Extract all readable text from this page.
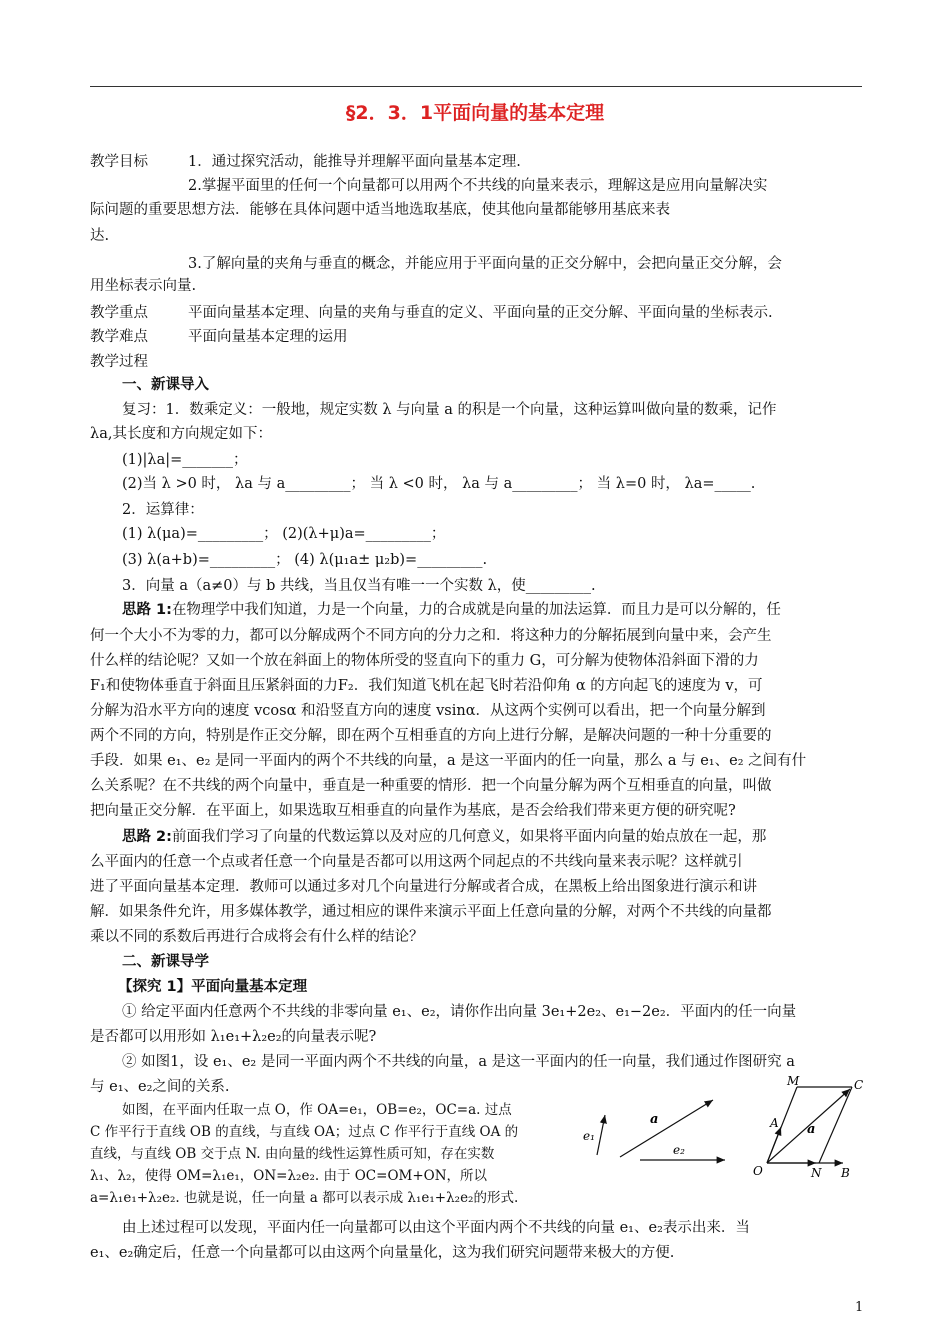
§2．3．1平面向量的基本定理
教学目标	1．通过探究活动，能推导并理解平面向量基本定理.
2.掌握平面里的任何一个向量都可以用两个不共线的向量来表示，理解这是应用向量解决实
际问题的重要思想方法．能够在具体问题中适当地选取基底，使其他向量都能够用基底来表
达.
3.了解向量的夹角与垂直的概念，并能应用于平面向量的正交分解中，会把向量正交分解，会
用坐标表示向量.
教学重点	平面向量基本定理、向量的夹角与垂直的定义、平面向量的正交分解、平面向量的坐标表示.
教学难点	平面向量基本定理的运用
教学过程
一、新课导入
复习：1．数乘定义：一般地，规定实数 λ 与向量 a 的积是一个向量，这种运算叫做向量的数乘，记作
λa,其长度和方向规定如下：
(1)|λa|=_______；
(2)当 λ >0 时， λa 与 a_________； 当 λ <0 时， λa 与 a_________； 当 λ=0 时， λa=_____.
2．运算律：
(1) λ(μa)=_________； (2)(λ+μ)a=_________；
(3) λ(a+b)=_________； (4) λ(μ₁a± μ₂b)=_________.
3．向量 a（a≠0）与 b 共线，当且仅当有唯一一个实数 λ，使_________.
思路 1:在物理学中我们知道，力是一个向量，力的合成就是向量的加法运算．而且力是可以分解的，任
何一个大小不为零的力，都可以分解成两个不同方向的分力之和．将这种力的分解拓展到向量中来，会产生
什么样的结论呢？又如一个放在斜面上的物体所受的竖直向下的重力 G，可分解为使物体沿斜面下滑的力
F₁和使物体垂直于斜面且压紧斜面的力F₂．我们知道飞机在起飞时若沿仰角 α 的方向起飞的速度为 v，可
分解为沿水平方向的速度 vcosα 和沿竖直方向的速度 vsinα．从这两个实例可以看出，把一个向量分解到
两个不同的方向，特别是作正交分解，即在两个互相垂直的方向上进行分解，是解决问题的一种十分重要的
手段．如果 e₁、e₂ 是同一平面内的两个不共线的向量，a 是这一平面内的任一向量，那么 a 与 e₁、e₂ 之间有什
么关系呢？在不共线的两个向量中，垂直是一种重要的情形．把一个向量分解为两个互相垂直的向量，叫做
把向量正交分解．在平面上，如果选取互相垂直的向量作为基底，是否会给我们带来更方便的研究呢?
思路 2:前面我们学习了向量的代数运算以及对应的几何意义，如果将平面内向量的始点放在一起，那
么平面内的任意一个点或者任意一个向量是否都可以用这两个同起点的不共线向量来表示呢？这样就引
进了平面向量基本定理．教师可以通过多对几个向量进行分解或者合成，在黑板上给出图象进行演示和讲
解．如果条件允许，用多媒体教学，通过相应的课件来演示平面上任意向量的分解，对两个不共线的向量都
乘以不同的系数后再进行合成将会有什么样的结论？
二、新课导学
【探究 1】平面向量基本定理
① 给定平面内任意两个不共线的非零向量 e₁、e₂，请你作出向量 3e₁+2e₂、e₁−2e₂．平面内的任一向量
是否都可以用形如 λ₁e₁+λ₂e₂的向量表示呢?
② 如图1，设 e₁、e₂ 是同一平面内两个不共线的向量，a 是这一平面内的任一向量，我们通过作图研究 a
与 e₁、e₂之间的关系.
如图，在平面内任取一点 O，作 OA=e₁，OB=e₂，OC=a. 过点
C 作平行于直线 OB 的直线，与直线 OA；过点 C 作平行于直线 OA 的
直线，与直线 OB 交于点 N. 由向量的线性运算性质可知，存在实数
λ₁、λ₂，使得 OM=λ₁e₁，ON=λ₂e₂. 由于 OC=OM+ON，所以
a=λ₁e₁+λ₂e₂. 也就是说，任一向量 a 都可以表示成 λ₁e₁+λ₂e₂的形式.
由上述过程可以发现，平面内任一向量都可以由这个平面内两个不共线的向量 e₁、e₂表示出来．当
e₁、e₂确定后，任意一个向量都可以由这两个向量量化，这为我们研究问题带来极大的方便.
e₁
a
e₂
M	C
A a
O	N B
1
